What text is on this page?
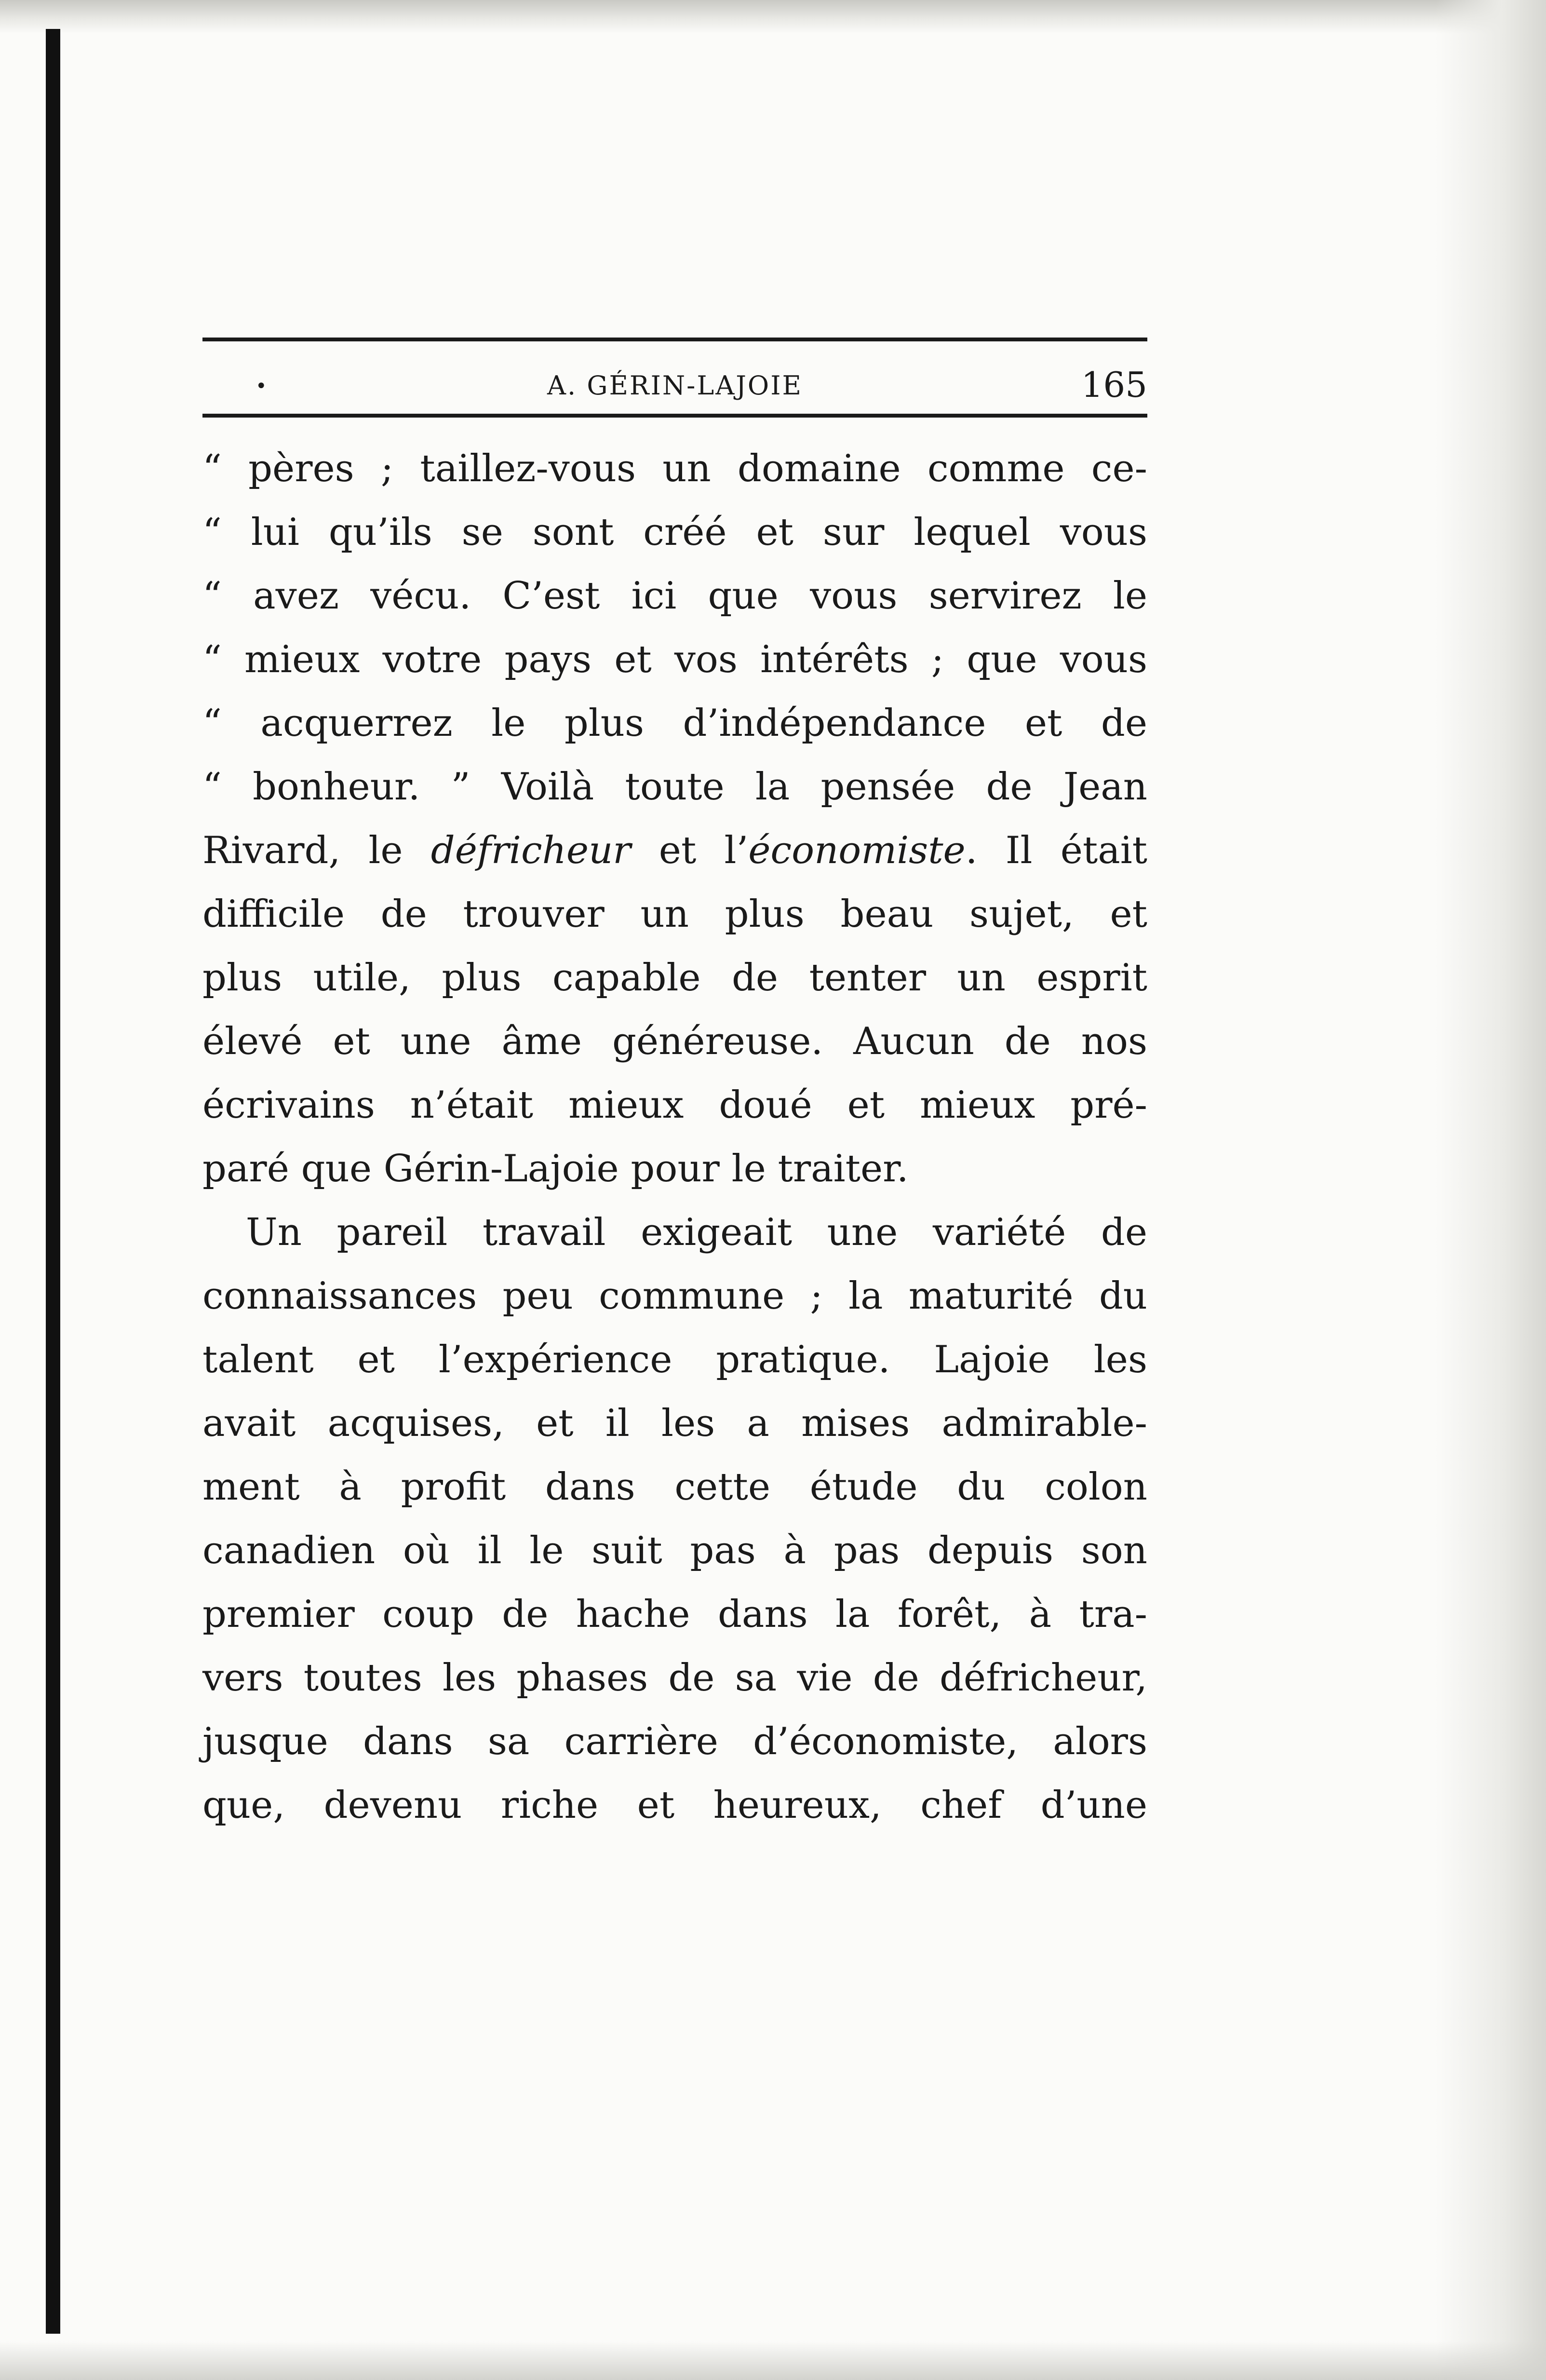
•	A. GÉRIN-LAJOIE	165
“ pères ; taillez-vous un domaine comme ce-
“ lui qu’ils se sont créé et sur lequel vous
“ avez vécu. C’est ici que vous servirez le
“ mieux votre pays et vos intérêts ; que vous
“ acquerrez le plus d’indépendance et de
“ bonheur. ” Voilà toute la pensée de Jean
Rivard, le défricheur et l’économiste. Il était
difficile de trouver un plus beau sujet, et
plus utile, plus capable de tenter un esprit
élevé et une âme généreuse. Aucun de nos
écrivains n’était mieux doué et mieux pré-
paré que Gérin-Lajoie pour le traiter.
Un pareil travail exigeait une variété de
connaissances peu commune ; la maturité du
talent et l’expérience pratique. Lajoie les
avait acquises, et il les a mises admirable-
ment à profit dans cette étude du colon
canadien où il le suit pas à pas depuis son
premier coup de hache dans la forêt, à tra-
vers toutes les phases de sa vie de défricheur,
jusque dans sa carrière d’économiste, alors
que, devenu riche et heureux, chef d’une
